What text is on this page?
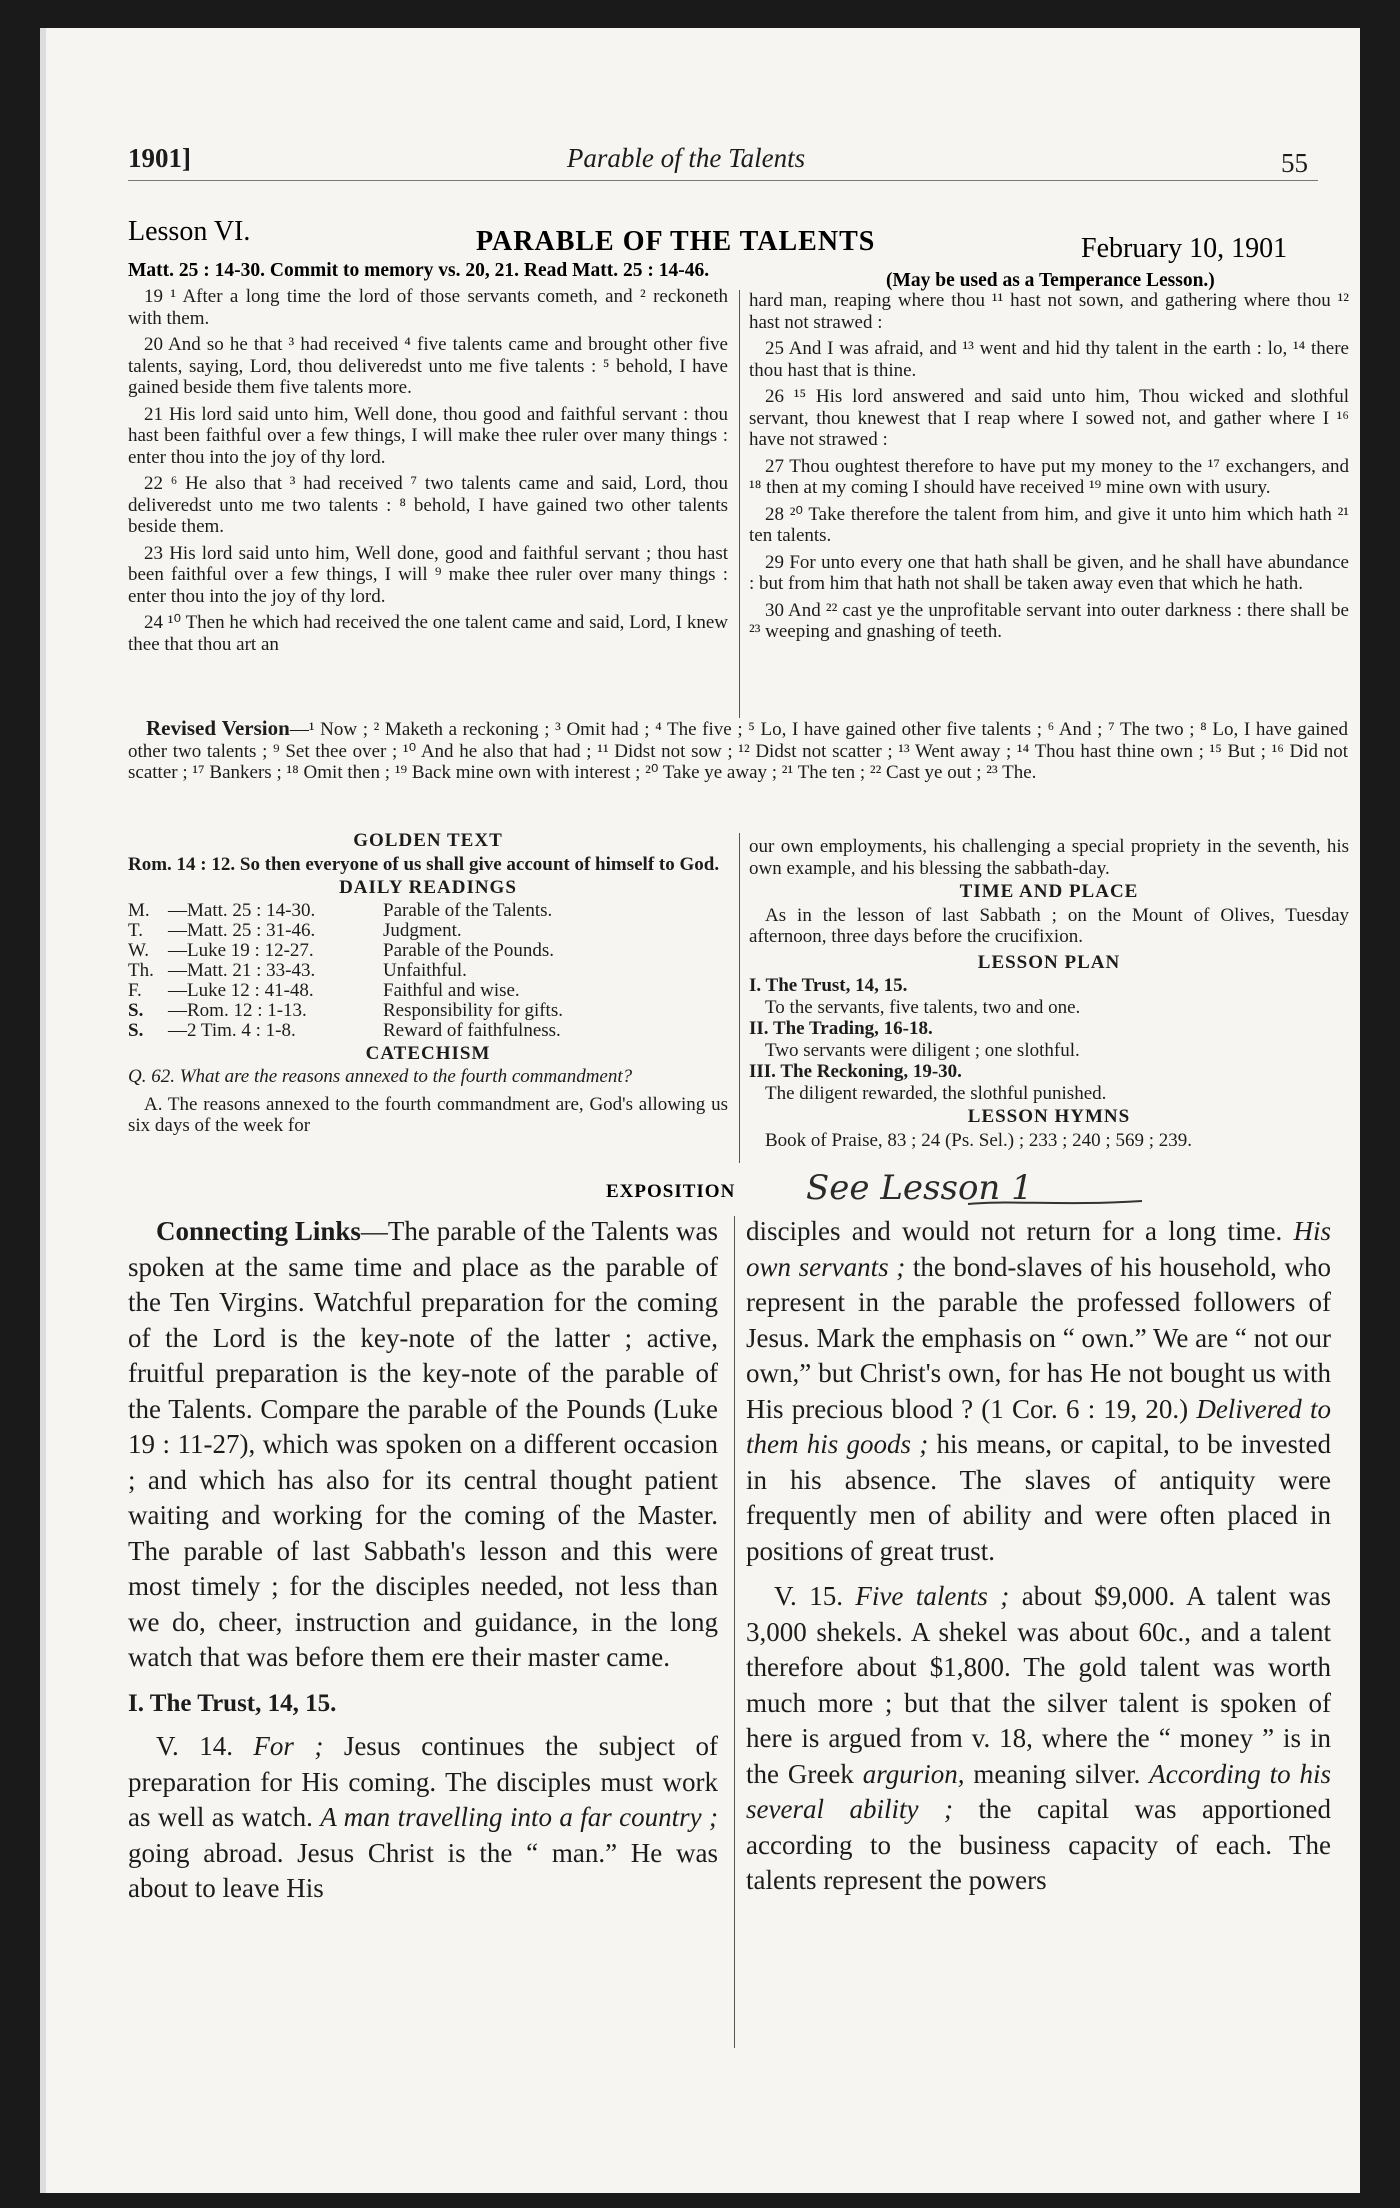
1901]	Parable of the Talents	55
Lesson VI.	PARABLE OF THE TALENTS	February 10, 1901
Matt. 25 : 14-30. Commit to memory vs. 20, 21. Read Matt. 25 : 14-46.	(May be used as a Temperance Lesson.)

19 ¹ After a long time the lord of those servants cometh, and ² reckoneth with them.

20 And so he that ³ had received ⁴ five talents came and brought other five talents, saying, Lord, thou deliveredst unto me five talents : ⁵ behold, I have gained beside them five talents more.

21 His lord said unto him, Well done, thou good and faithful servant : thou hast been faithful over a few things, I will make thee ruler over many things : enter thou into the joy of thy lord.

22 ⁶ He also that ³ had received ⁷ two talents came and said, Lord, thou deliveredst unto me two talents : ⁸ behold, I have gained two other talents beside them.

23 His lord said unto him, Well done, good and faithful servant ; thou hast been faithful over a few things, I will ⁹ make thee ruler over many things : enter thou into the joy of thy lord.

24 ¹⁰ Then he which had received the one talent came and said, Lord, I knew thee that thou art an

hard man, reaping where thou ¹¹ hast not sown, and gathering where thou ¹² hast not strawed :

25 And I was afraid, and ¹³ went and hid thy talent in the earth : lo, ¹⁴ there thou hast that is thine.

26 ¹⁵ His lord answered and said unto him, Thou wicked and slothful servant, thou knewest that I reap where I sowed not, and gather where I ¹⁶ have not strawed :

27 Thou oughtest therefore to have put my money to the ¹⁷ exchangers, and ¹⁸ then at my coming I should have received ¹⁹ mine own with usury.

28 ²⁰ Take therefore the talent from him, and give it unto him which hath ²¹ ten talents.

29 For unto every one that hath shall be given, and he shall have abundance : but from him that hath not shall be taken away even that which he hath.

30 And ²² cast ye the unprofitable servant into outer darkness : there shall be ²³ weeping and gnashing of teeth.

Revised Version—¹ Now ; ² Maketh a reckoning ; ³ Omit had ; ⁴ The five ; ⁵ Lo, I have gained other five talents ; ⁶ And ; ⁷ The two ; ⁸ Lo, I have gained other two talents ; ⁹ Set thee over ; ¹⁰ And he also that had ; ¹¹ Didst not sow ; ¹² Didst not scatter ; ¹³ Went away ; ¹⁴ Thou hast thine own ; ¹⁵ But ; ¹⁶ Did not scatter ; ¹⁷ Bankers ; ¹⁸ Omit then ; ¹⁹ Back mine own with interest ; ²⁰ Take ye away ; ²¹ The ten ; ²² Cast ye out ; ²³ The.
GOLDEN TEXT
Rom. 14 : 12. So then everyone of us shall give account of himself to God.
DAILY READINGS
M.	—Matt. 25 : 14-30.	Parable of the Talents.
T.	—Matt. 25 : 31-46.	Judgment.
W.	—Luke 19 : 12-27.	Parable of the Pounds.
Th.	—Matt. 21 : 33-43.	Unfaithful.
F.	—Luke 12 : 41-48.	Faithful and wise.
S.	—Rom. 12 : 1-13.	Responsibility for gifts.
S.	—2 Tim. 4 : 1-8.	Reward of faithfulness.
CATECHISM
Q. 62. What are the reasons annexed to the fourth commandment?
A. The reasons annexed to the fourth commandment are, God's allowing us six days of the week for
our own employments, his challenging a special propriety in the seventh, his own example, and his blessing the sabbath-day.
TIME AND PLACE
As in the lesson of last Sabbath ; on the Mount of Olives, Tuesday afternoon, three days before the crucifixion.
LESSON PLAN
I. The Trust, 14, 15.
To the servants, five talents, two and one.
II. The Trading, 16-18.
Two servants were diligent ; one slothful.
III. The Reckoning, 19-30.
The diligent rewarded, the slothful punished.
LESSON HYMNS
Book of Praise, 83 ; 24 (Ps. Sel.) ; 233 ; 240 ; 569 ; 239.
EXPOSITION See Lesson 1

Connecting Links—The parable of the Talents was spoken at the same time and place as the parable of the Ten Virgins. Watchful preparation for the coming of the Lord is the key-note of the latter ; active, fruitful preparation is the key-note of the parable of the Talents. Compare the parable of the Pounds (Luke 19 : 11-27), which was spoken on a different occasion ; and which has also for its central thought patient waiting and working for the coming of the Master. The parable of last Sabbath's lesson and this were most timely ; for the disciples needed, not less than we do, cheer, instruction and guidance, in the long watch that was before them ere their master came.

I. The Trust, 14, 15.

V. 14. For ; Jesus continues the subject of preparation for His coming. The disciples must work as well as watch. A man travelling into a far country ; going abroad. Jesus Christ is the “ man.” He was about to leave His

disciples and would not return for a long time. His own servants ; the bond-slaves of his household, who represent in the parable the professed followers of Jesus. Mark the emphasis on “ own.” We are “ not our own,” but Christ's own, for has He not bought us with His precious blood ? (1 Cor. 6 : 19, 20.) Delivered to them his goods ; his means, or capital, to be invested in his absence. The slaves of antiquity were frequently men of ability and were often placed in positions of great trust.

V. 15. Five talents ; about $9,000. A talent was 3,000 shekels. A shekel was about 60c., and a talent therefore about $1,800. The gold talent was worth much more ; but that the silver talent is spoken of here is argued from v. 18, where the “ money ” is in the Greek argurion, meaning silver. According to his several ability ; the capital was apportioned according to the business capacity of each. The talents represent the powers
